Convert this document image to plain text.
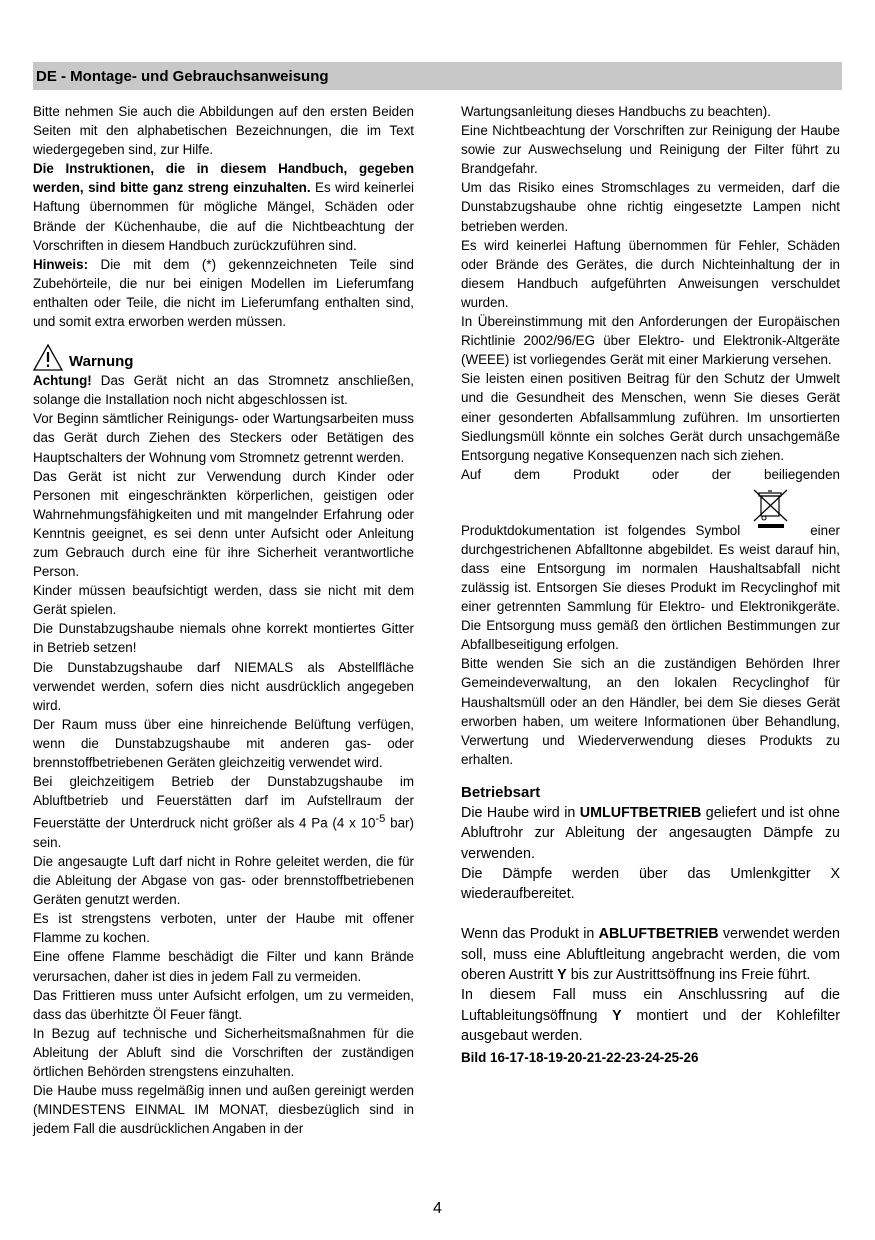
DE - Montage- und Gebrauchsanweisung

Bitte nehmen Sie auch die Abbildungen auf den ersten Beiden Seiten mit den alphabetischen Bezeichnungen, die im Text wiedergegeben sind, zur Hilfe.

Die Instruktionen, die in diesem Handbuch, gegeben werden, sind bitte ganz streng einzuhalten. Es wird keinerlei Haftung übernommen für mögliche Mängel, Schäden oder Brände der Küchenhaube, die auf die Nichtbeachtung der Vorschriften in diesem Handbuch zurückzuführen sind.

Hinweis: Die mit dem (*) gekennzeichneten Teile sind Zubehörteile, die nur bei einigen Modellen im Lieferumfang enthalten oder Teile, die nicht im Lieferumfang enthalten sind, und somit extra erworben werden müssen.

Warnung

Achtung! Das Gerät nicht an das Stromnetz anschließen, solange die Installation noch nicht abgeschlossen ist.

Vor Beginn sämtlicher Reinigungs- oder Wartungsarbeiten muss das Gerät durch Ziehen des Steckers oder Betätigen des Hauptschalters der Wohnung vom Stromnetz getrennt werden.

Das Gerät ist nicht zur Verwendung durch Kinder oder Personen mit eingeschränkten körperlichen, geistigen oder Wahrnehmungsfähigkeiten und mit mangelnder Erfahrung oder Kenntnis geeignet, es sei denn unter Aufsicht oder Anleitung zum Gebrauch durch eine für ihre Sicherheit verantwortliche Person.

Kinder müssen beaufsichtigt werden, dass sie nicht mit dem Gerät spielen.

Die Dunstabzugshaube niemals ohne korrekt montiertes Gitter in Betrieb setzen!

Die Dunstabzugshaube darf NIEMALS als Abstellfläche verwendet werden, sofern dies nicht ausdrücklich angegeben wird.

Der Raum muss über eine hinreichende Belüftung verfügen, wenn die Dunstabzugshaube mit anderen gas- oder brennstoffbetriebenen Geräten gleichzeitig verwendet wird.

Bei gleichzeitigem Betrieb der Dunstabzugshaube im Abluftbetrieb und Feuerstätten darf im Aufstellraum der Feuerstätte der Unterdruck nicht größer als 4 Pa (4 x $10^{-5}$ bar) sein.

Die angesaugte Luft darf nicht in Rohre geleitet werden, die für die Ableitung der Abgase von gas- oder brennstoffbetriebenen Geräten genutzt werden.

Es ist strengstens verboten, unter der Haube mit offener Flamme zu kochen.

Eine offene Flamme beschädigt die Filter und kann Brände verursachen, daher ist dies in jedem Fall zu vermeiden.

Das Frittieren muss unter Aufsicht erfolgen, um zu vermeiden, dass das überhitzte Öl Feuer fängt.

In Bezug auf technische und Sicherheitsmaßnahmen für die Ableitung der Abluft sind die Vorschriften der zuständigen örtlichen Behörden strengstens einzuhalten.

Die Haube muss regelmäßig innen und außen gereinigt werden (MINDESTENS EINMAL IM MONAT, diesbezüglich sind in jedem Fall die ausdrücklichen Angaben in der

Wartungsanleitung dieses Handbuchs zu beachten).

Eine Nichtbeachtung der Vorschriften zur Reinigung der Haube sowie zur Auswechselung und Reinigung der Filter führt zu Brandgefahr.

Um das Risiko eines Stromschlages zu vermeiden, darf die Dunstabzugshaube ohne richtig eingesetzte Lampen nicht betrieben werden.

Es wird keinerlei Haftung übernommen für Fehler, Schäden oder Brände des Gerätes, die durch Nichteinhaltung der in diesem Handbuch aufgeführten Anweisungen verschuldet wurden.

In Übereinstimmung mit den Anforderungen der Europäischen Richtlinie 2002/96/EG über Elektro- und Elektronik-Altgeräte (WEEE) ist vorliegendes Gerät mit einer Markierung versehen.

Sie leisten einen positiven Beitrag für den Schutz der Umwelt und die Gesundheit des Menschen, wenn Sie dieses Gerät einer gesonderten Abfallsammlung zuführen. Im unsortierten Siedlungsmüll könnte ein solches Gerät durch unsachgemäße Entsorgung negative Konsequenzen nach sich ziehen.

Auf dem Produkt oder der beiliegenden
Produktdokumentation ist folgendes Symbol	einer

durchgestrichenen Abfalltonne abgebildet. Es weist darauf hin, dass eine Entsorgung im normalen Haushaltsabfall nicht zulässig ist. Entsorgen Sie dieses Produkt im Recyclinghof mit einer getrennten Sammlung für Elektro- und Elektronikgeräte. Die Entsorgung muss gemäß den örtlichen Bestimmungen zur Abfallbeseitigung erfolgen.

Bitte wenden Sie sich an die zuständigen Behörden Ihrer Gemeindeverwaltung, an den lokalen Recyclinghof für Haushaltsmüll oder an den Händler, bei dem Sie dieses Gerät erworben haben, um weitere Informationen über Behandlung, Verwertung und Wiederverwendung dieses Produkts zu erhalten.

Betriebsart

Die Haube wird in UMLUFTBETRIEB geliefert und ist ohne Abluftrohr zur Ableitung der angesaugten Dämpfe zu verwenden.

Die Dämpfe werden über das Umlenkgitter X wiederaufbereitet.

Wenn das Produkt in ABLUFTBETRIEB verwendet werden soll, muss eine Abluftleitung angebracht werden, die vom oberen Austritt Y bis zur Austrittsöffnung ins Freie führt.

In diesem Fall muss ein Anschlussring auf die Luftableitungsöffnung Y montiert und der Kohlefilter ausgebaut werden.

Bild 16-17-18-19-20-21-22-23-24-25-26

4
